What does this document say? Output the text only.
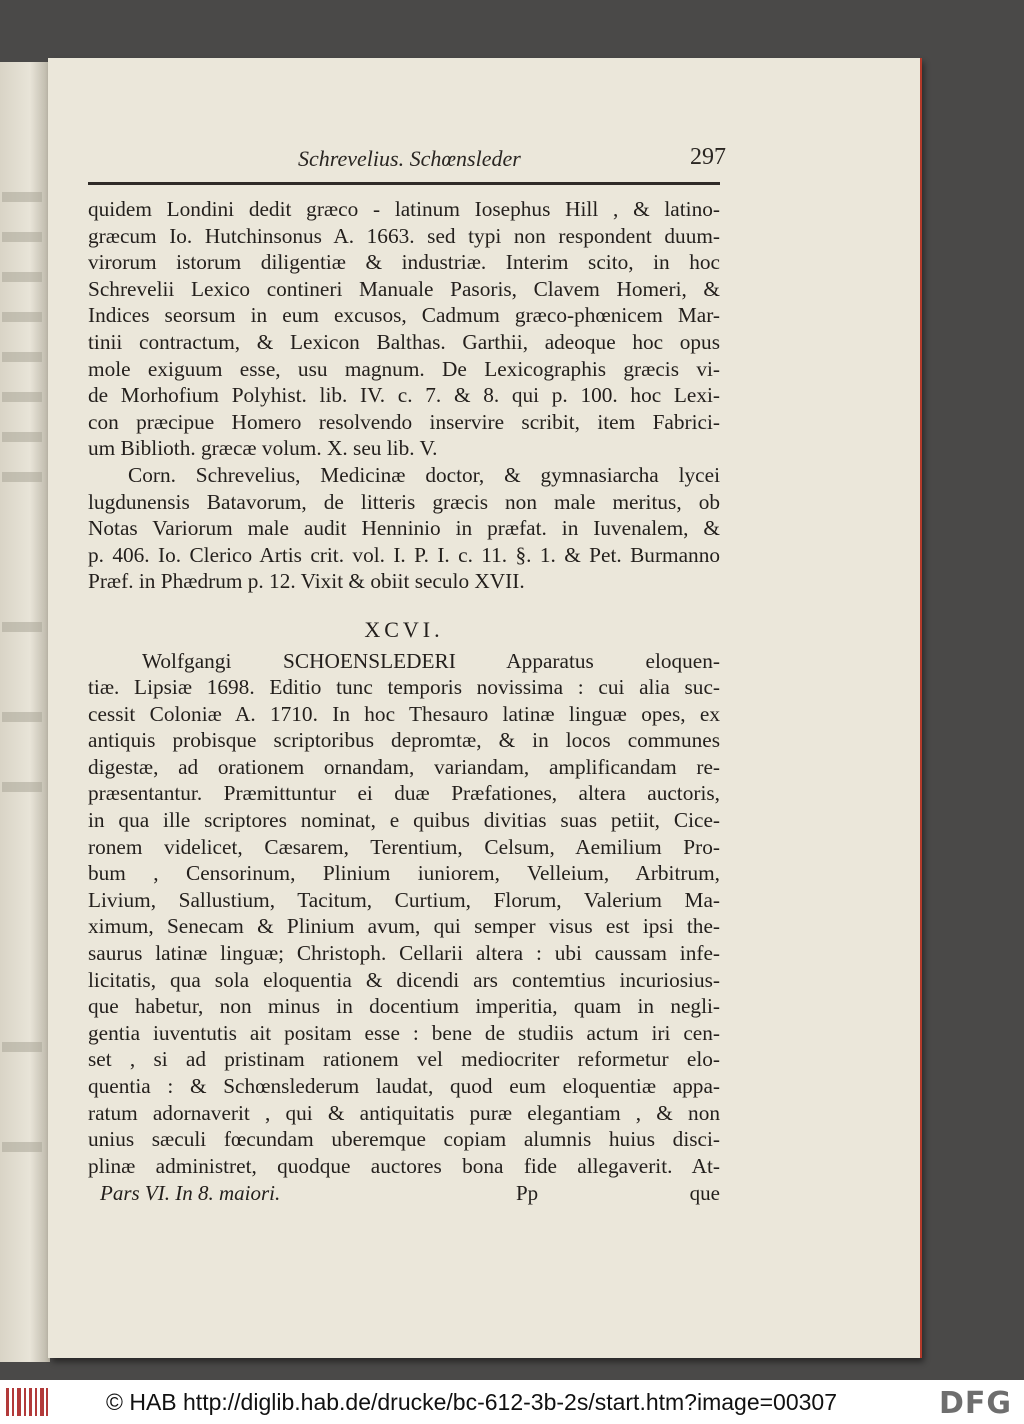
Schrevelius. Schœnsleder	297

quidem Londini dedit græco - latinum Iosephus Hill , & latino-
græcum Io. Hutchinsonus A. 1663. sed typi non respondent duum-
virorum istorum diligentiæ & industriæ. Interim scito, in hoc
Schrevelii Lexico contineri Manuale Pasoris, Clavem Homeri, &
Indices seorsum in eum excusos, Cadmum græco-phœnicem Mar-
tinii contractum, & Lexicon Balthas. Garthii, adeoque hoc opus
mole exiguum esse, usu magnum. De Lexicographis græcis vi-
de Morhofium Polyhist. lib. IV. c. 7. & 8. qui p. 100. hoc Lexi-
con præcipue Homero resolvendo inservire scribit, item Fabrici-
um Biblioth. græcæ volum. X. seu lib. V.

Corn. Schrevelius, Medicinæ doctor, & gymnasiarcha lycei
lugdunensis Batavorum, de litteris græcis non male meritus, ob
Notas Variorum male audit Henninio in præfat. in Iuvenalem, &
p. 406. Io. Clerico Artis crit. vol. I. P. I. c. 11. §. 1. & Pet. Burmanno
Præf. in Phædrum p. 12. Vixit & obiit seculo XVII.

XCVI.

Wolfgangi SCHOENSLEDERI Apparatus eloquen-
tiæ. Lipsiæ 1698. Editio tunc temporis novissima : cui alia suc-
cessit Coloniæ A. 1710. In hoc Thesauro latinæ linguæ opes, ex
antiquis probisque scriptoribus depromtæ, & in locos communes
digestæ, ad orationem ornandam, variandam, amplificandam re-
præsentantur. Præmittuntur ei duæ Præfationes, altera auctoris,
in qua ille scriptores nominat, e quibus divitias suas petiit, Cice-
ronem videlicet, Cæsarem, Terentium, Celsum, Aemilium Pro-
bum , Censorinum, Plinium iuniorem, Velleium, Arbitrum,
Livium, Sallustium, Tacitum, Curtium, Florum, Valerium Ma-
ximum, Senecam & Plinium avum, qui semper visus est ipsi the-
saurus latinæ linguæ; Christoph. Cellarii altera : ubi caussam infe-
licitatis, qua sola eloquentia & dicendi ars contemtius incuriosius-
que habetur, non minus in docentium imperitia, quam in negli-
gentia iuventutis ait positam esse : bene de studiis actum iri cen-
set , si ad pristinam rationem vel mediocriter reformetur elo-
quentia : & Schœnslederum laudat, quod eum eloquentiæ appa-
ratum adornaverit , qui & antiquitatis puræ elegantiam , & non
unius sæculi fœcundam uberemque copiam alumnis huius disci-
plinæ administret, quodque auctores bona fide allegaverit. At-

Pars VI. In 8. maiori.	Pp	que
© HAB http://diglib.hab.de/drucke/bc-612-3b-2s/start.htm?image=00307	DFG
